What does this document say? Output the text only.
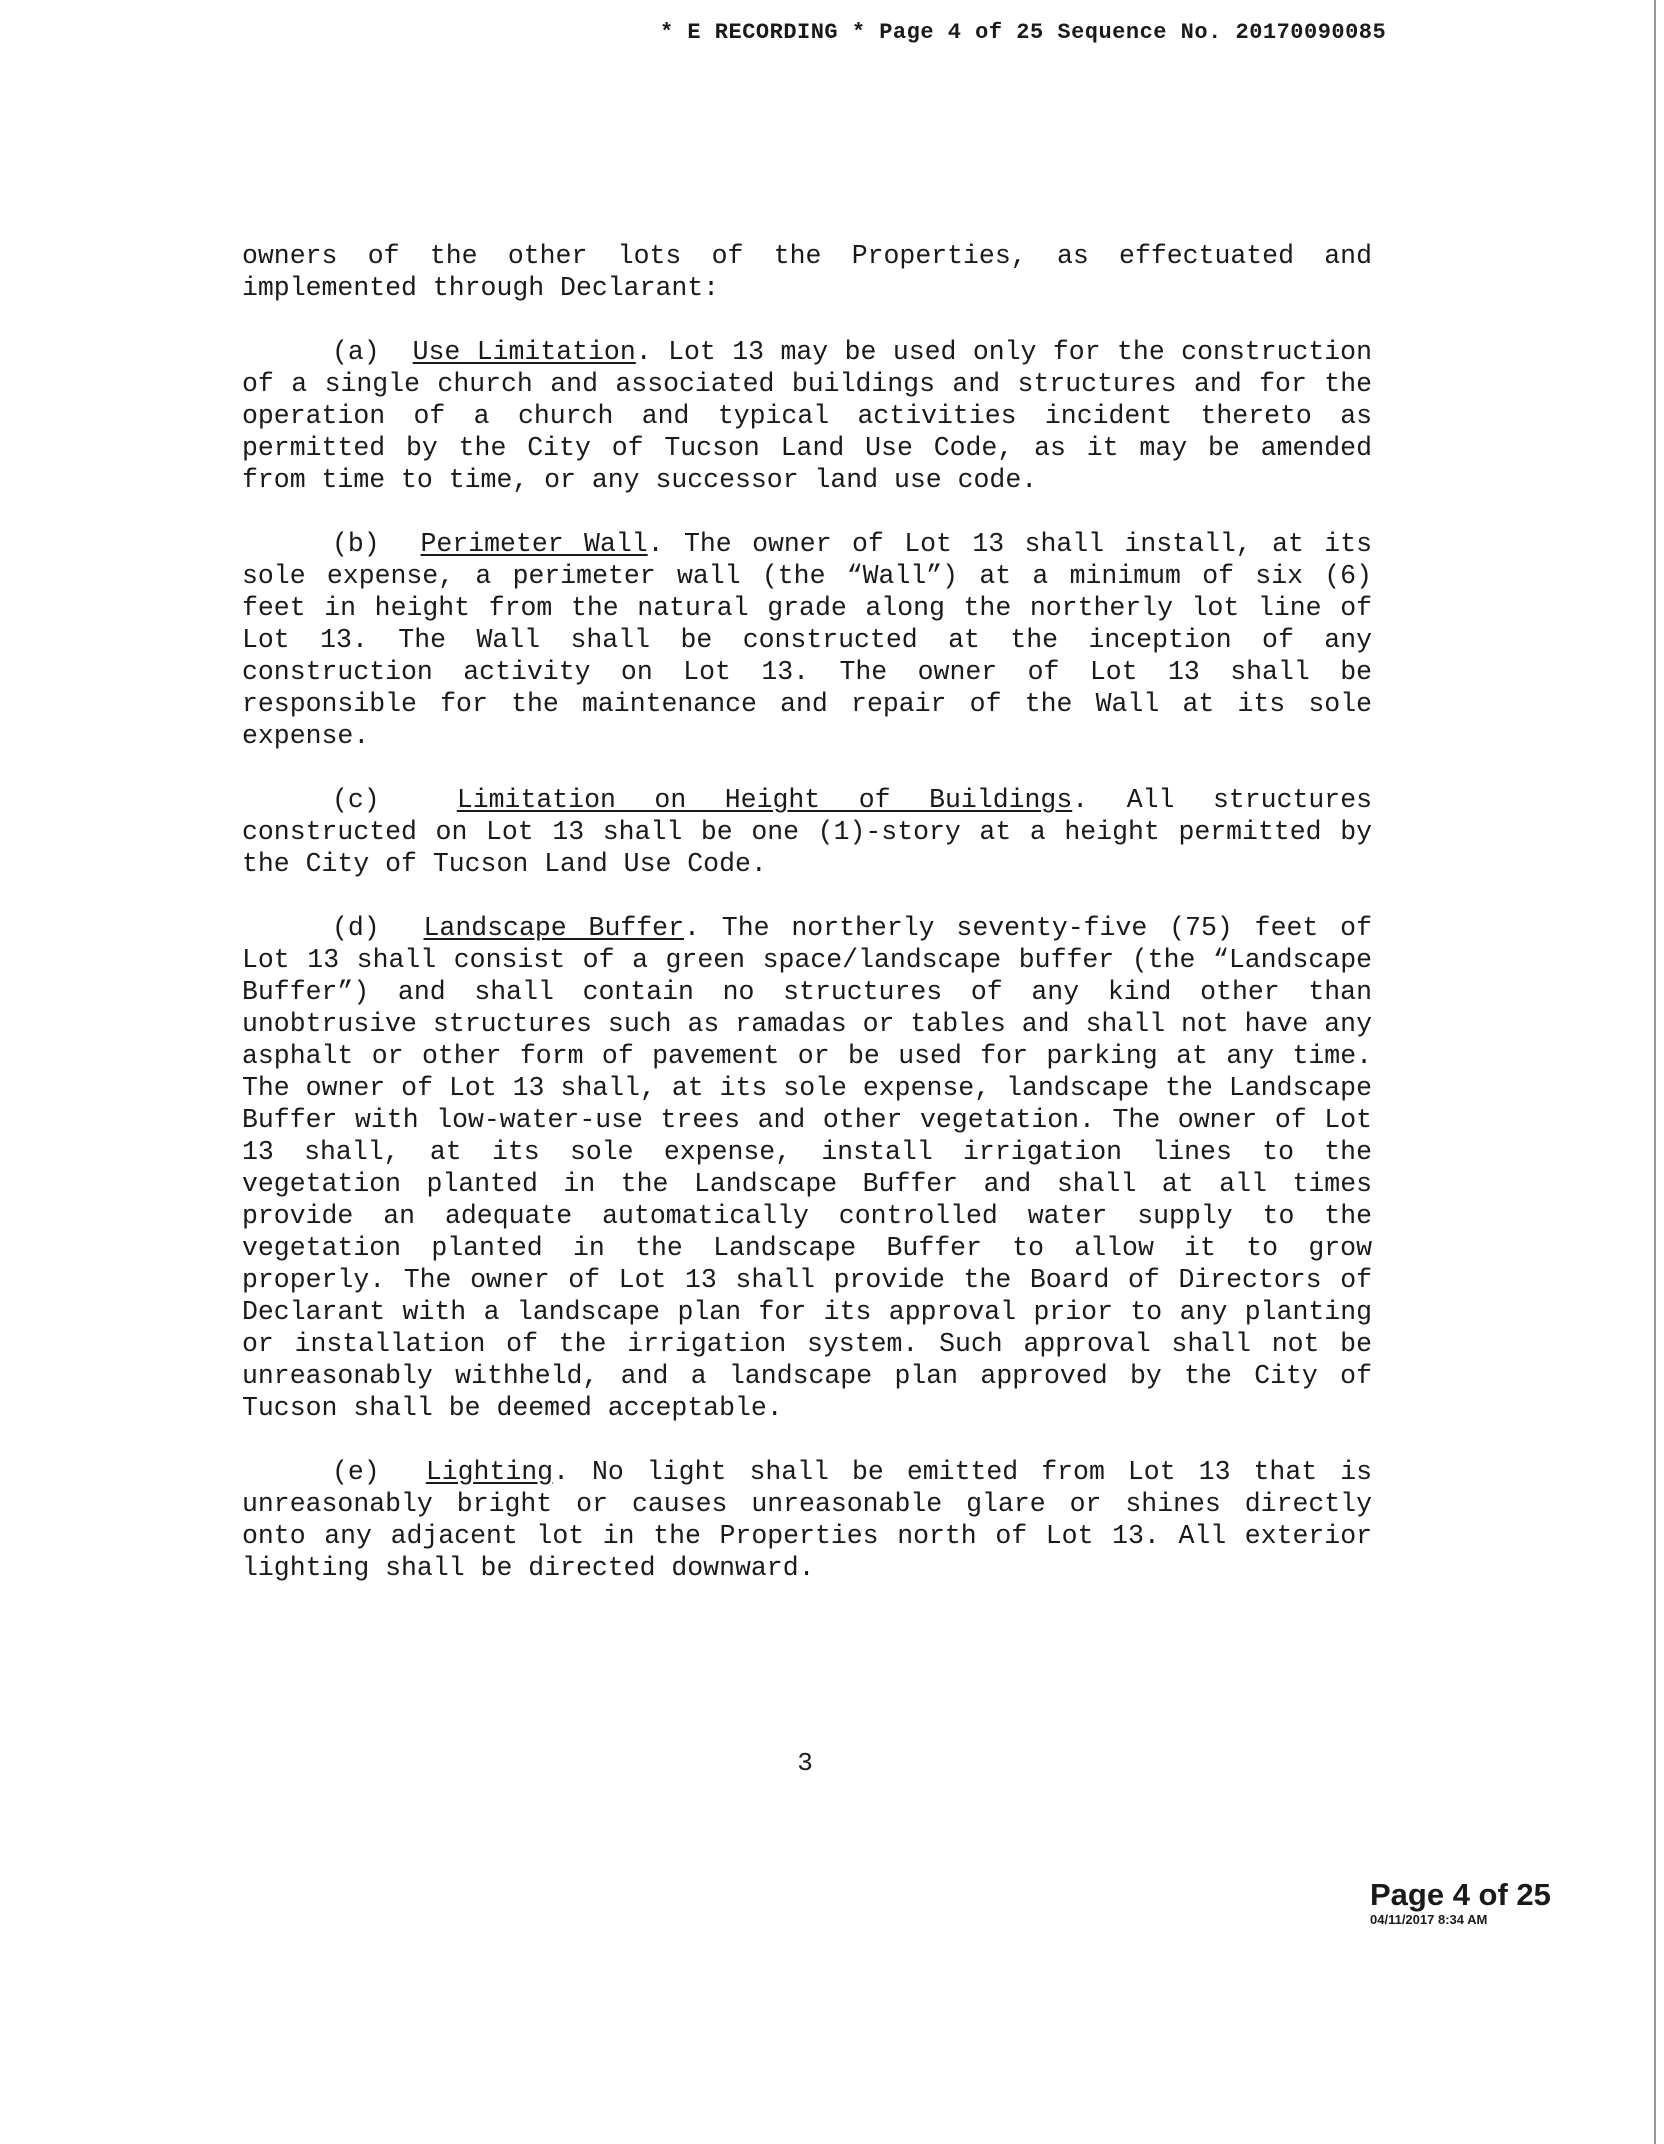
* E RECORDING * Page 4 of 25 Sequence No. 20170090085

owners of the other lots of the Properties, as effectuated and implemented through Declarant:

(a) Use Limitation. Lot 13 may be used only for the construction of a single church and associated buildings and structures and for the operation of a church and typical activities incident thereto as permitted by the City of Tucson Land Use Code, as it may be amended from time to time, or any successor land use code.

(b) Perimeter Wall. The owner of Lot 13 shall install, at its sole expense, a perimeter wall (the “Wall”) at a minimum of six (6) feet in height from the natural grade along the northerly lot line of Lot 13. The Wall shall be constructed at the inception of any construction activity on Lot 13. The owner of Lot 13 shall be responsible for the maintenance and repair of the Wall at its sole expense.

(c)	Limitation on Height of Buildings. All structures constructed on Lot 13 shall be one (1)-story at a height permitted by the City of Tucson Land Use Code.

(d) Landscape Buffer. The northerly seventy-five (75) feet of Lot 13 shall consist of a green space/landscape buffer (the “Landscape Buffer”) and shall contain no structures of any kind other than unobtrusive structures such as ramadas or tables and shall not have any asphalt or other form of pavement or be used for parking at any time. The owner of Lot 13 shall, at its sole expense, landscape the Landscape Buffer with low-water-use trees and other vegetation. The owner of Lot 13 shall, at its sole expense, install irrigation lines to the vegetation planted in the Landscape Buffer and shall at all times provide an adequate automatically controlled water supply to the vegetation planted in the Landscape Buffer to allow it to grow properly. The owner of Lot 13 shall provide the Board of Directors of Declarant with a landscape plan for its approval prior to any planting or installation of the irrigation system. Such approval shall not be unreasonably withheld, and a landscape plan approved by the City of Tucson shall be deemed acceptable.

(e) Lighting. No light shall be emitted from Lot 13 that is unreasonably bright or causes unreasonable glare or shines directly onto any adjacent lot in the Properties north of Lot 13. All exterior lighting shall be directed downward.

3
Page 4 of 25
04/11/2017 8:34 AM
